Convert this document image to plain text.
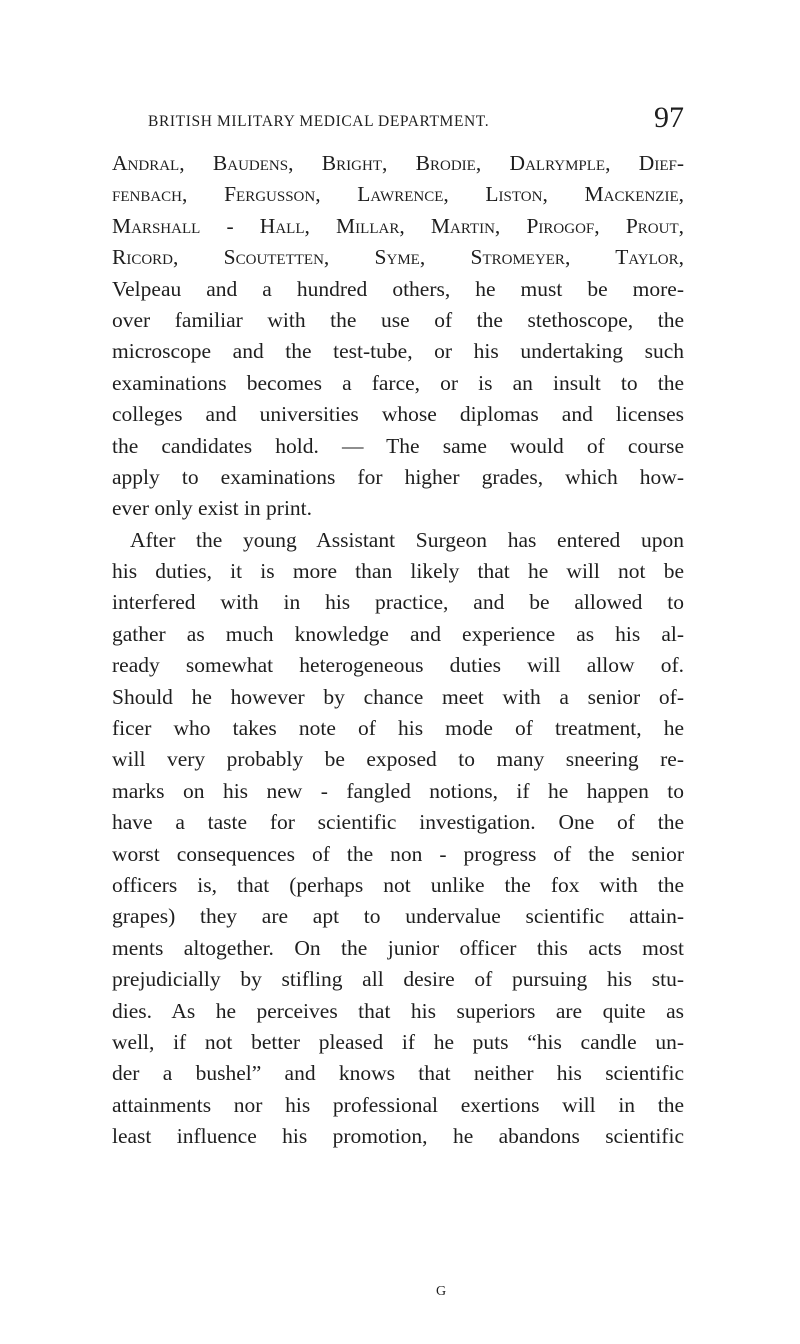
BRITISH MILITARY MEDICAL DEPARTMENT.	97
Andral, Baudens, Bright, Brodie, Dalrymple, Dief-
fenbach, Fergusson, Lawrence, Liston, Mackenzie,
Marshall - Hall, Millar, Martin, Pirogof, Prout,
Ricord, Scoutetten, Syme, Stromeyer, Taylor,
Velpeau and a hundred others, he must be more-
over familiar with the use of the stethoscope, the
microscope and the test-tube, or his undertaking such
examinations becomes a farce, or is an insult to the
colleges and universities whose diplomas and licenses
the candidates hold. — The same would of course
apply to examinations for higher grades, which how-
ever only exist in print.
After the young Assistant Surgeon has entered upon
his duties, it is more than likely that he will not be
interfered with in his practice, and be allowed to
gather as much knowledge and experience as his al-
ready somewhat heterogeneous duties will allow of.
Should he however by chance meet with a senior of-
ficer who takes note of his mode of treatment, he
will very probably be exposed to many sneering re-
marks on his new - fangled notions, if he happen to
have a taste for scientific investigation. One of the
worst consequences of the non - progress of the senior
officers is, that (perhaps not unlike the fox with the
grapes) they are apt to undervalue scientific attain-
ments altogether. On the junior officer this acts most
prejudicially by stifling all desire of pursuing his stu-
dies. As he perceives that his superiors are quite as
well, if not better pleased if he puts “his candle un-
der a bushel” and knows that neither his scientific
attainments nor his professional exertions will in the
least influence his promotion, he abandons scientific
G
